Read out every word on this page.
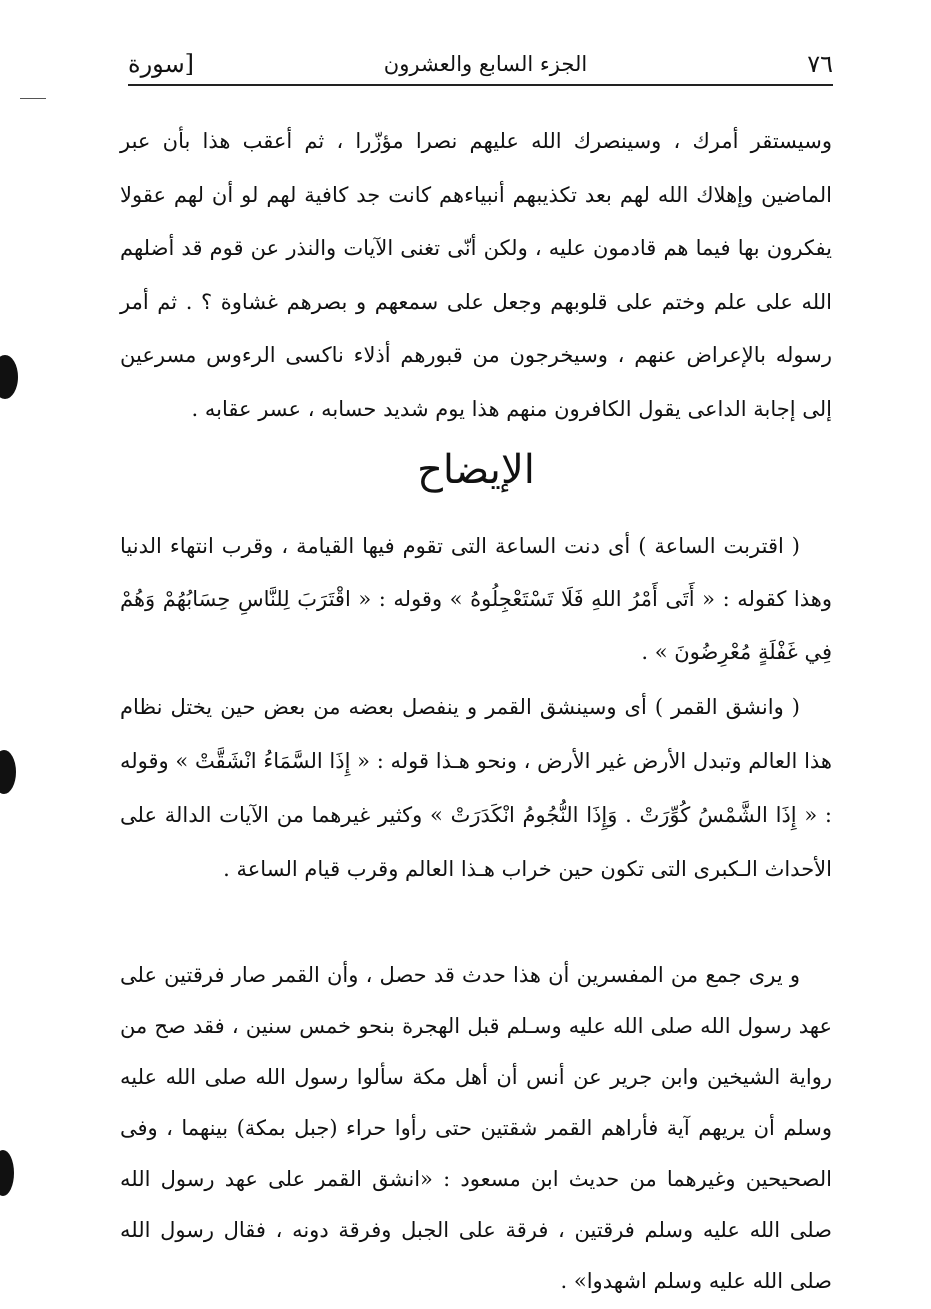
٧٦
الجزء السابع والعشرون
[سورة

وسيستقر أمرك ، وسينصرك الله عليهم نصرا مؤزّرا ، ثم أعقب هذا بأن عبر الماضين وإهلاك الله لهم بعد تكذيبهم أنبياءهم كانت جد كافية لهم لو أن لهم عقولا يفكرون بها فيما هم قادمون عليه ، ولكن أنّى تغنى الآيات والنذر عن قوم قد أضلهم الله على علم وختم على قلوبهم وجعل على سمعهم و بصرهم غشاوة ؟ . ثم أمر رسوله بالإعراض عنهم ، وسيخرجون من قبورهم أذلاء ناكسى الرءوس مسرعين إلى إجابة الداعى يقول الكافرون منهم هذا يوم شديد حسابه ، عسر عقابه .

الإيضاح

( اقتربت الساعة ) أى دنت الساعة التى تقوم فيها القيامة ، وقرب انتهاء الدنيا وهذا كقوله : « أَتَى أَمْرُ اللهِ فَلَا تَسْتَعْجِلُوهُ » وقوله : « اقْتَرَبَ لِلنَّاسِ حِسَابُهُمْ وَهُمْ فِي غَفْلَةٍ مُعْرِضُونَ » .

( وانشق القمر ) أى وسينشق القمر و ينفصل بعضه من بعض حين يختل نظام هذا العالم وتبدل الأرض غير الأرض ، ونحو هـذا قوله : « إِذَا السَّمَاءُ انْشَقَّتْ » وقوله : « إِذَا الشَّمْسُ كُوِّرَتْ . وَإِذَا النُّجُومُ انْكَدَرَتْ » وكثير غيرهما من الآيات الدالة على الأحداث الـكبرى التى تكون حين خراب هـذا العالم وقرب قيام الساعة .

و يرى جمع من المفسرين أن هذا حدث قد حصل ، وأن القمر صار فرقتين على عهد رسول الله صلى الله عليه وسـلم قبل الهجرة بنحو خمس سنين ، فقد صح من رواية الشيخين وابن جرير عن أنس أن أهل مكة سألوا رسول الله صلى الله عليه وسلم أن يريهم آية فأراهم القمر شقتين حتى رأوا حراء (جبل بمكة) بينهما ، وفى الصحيحين وغيرهما من حديث ابن مسعود : «انشق القمر على عهد رسول الله صلى الله عليه وسلم فرقتين ، فرقة على الجبل وفرقة دونه ، فقال رسول الله صلى الله عليه وسلم اشهدوا» .
